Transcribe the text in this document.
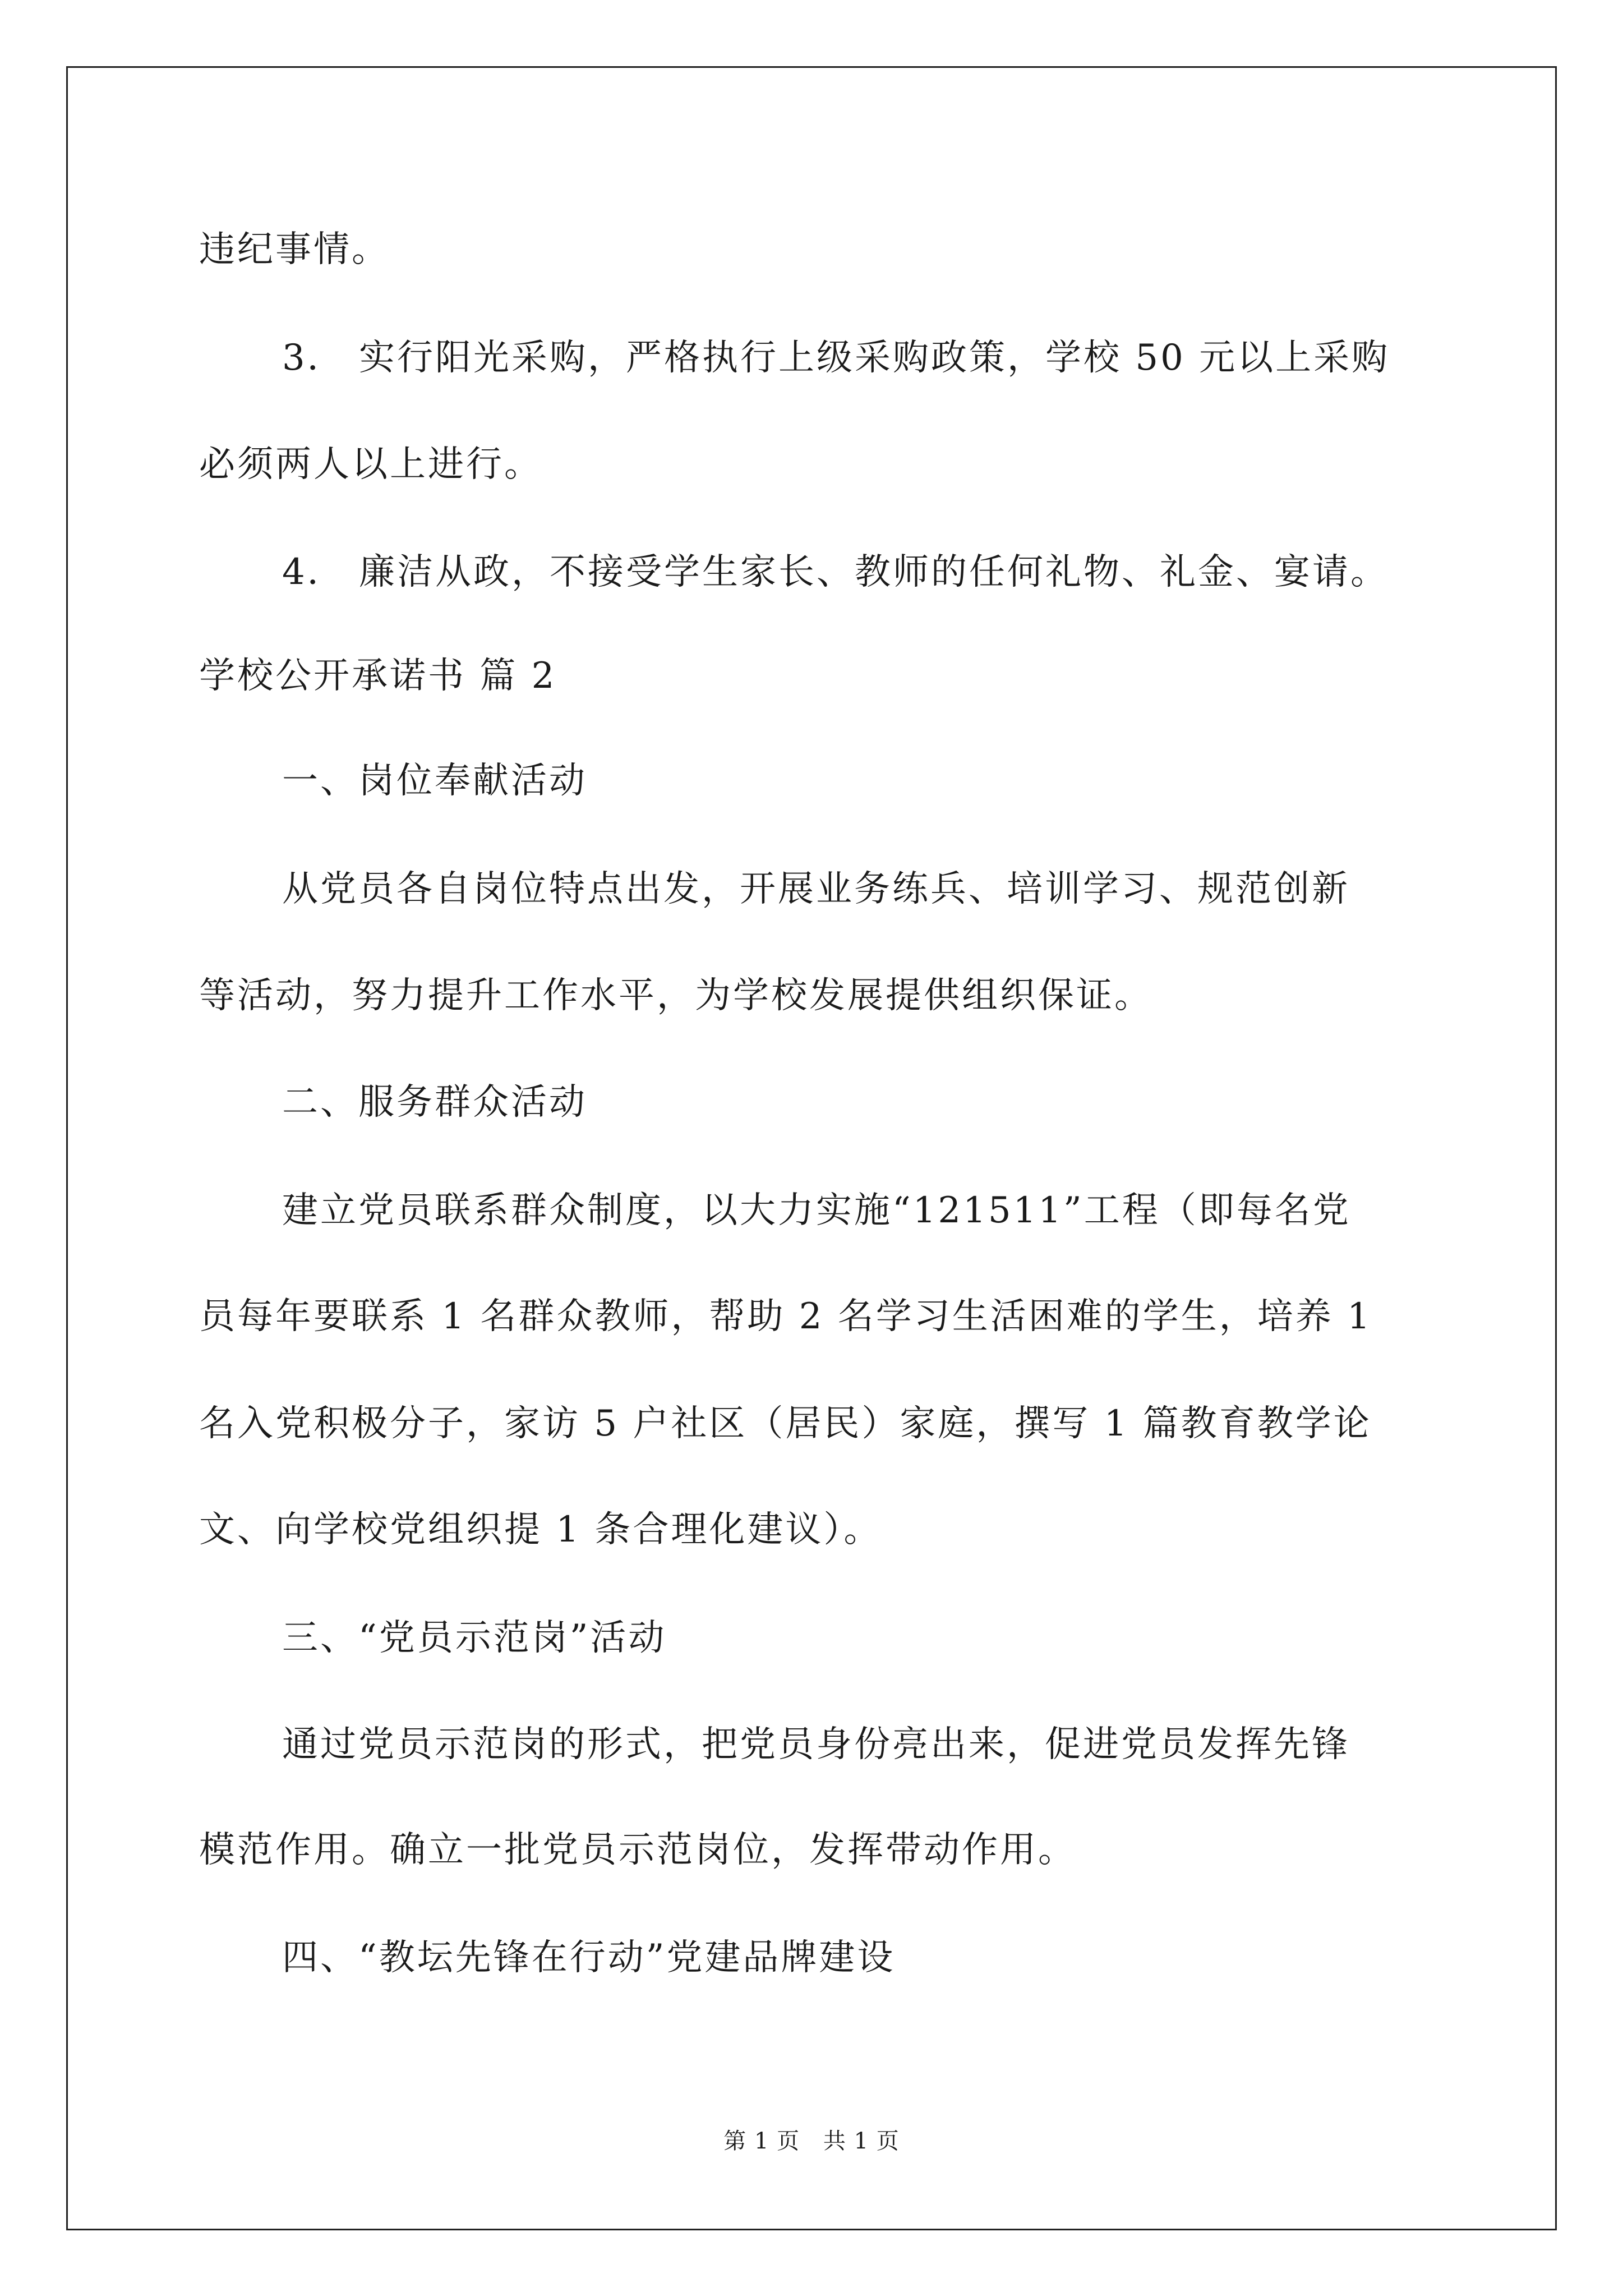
违纪事情。
3． 实行阳光采购，严格执行上级采购政策，学校 50 元以上采购
必须两人以上进行。
4． 廉洁从政，不接受学生家长、教师的任何礼物、礼金、宴请。
学校公开承诺书 篇 2
一、岗位奉献活动
从党员各自岗位特点出发，开展业务练兵、培训学习、规范创新
等活动，努力提升工作水平，为学校发展提供组织保证。
二、服务群众活动
建立党员联系群众制度，以大力实施“121511”工程（即每名党
员每年要联系 1 名群众教师，帮助 2 名学习生活困难的学生，培养 1
名入党积极分子，家访 5 户社区（居民）家庭，撰写 1 篇教育教学论
文、向学校党组织提 1 条合理化建议）。
三、“党员示范岗”活动
通过党员示范岗的形式，把党员身份亮出来，促进党员发挥先锋
模范作用。确立一批党员示范岗位，发挥带动作用。
四、“教坛先锋在行动”党建品牌建设
第 1 页 共 1 页
